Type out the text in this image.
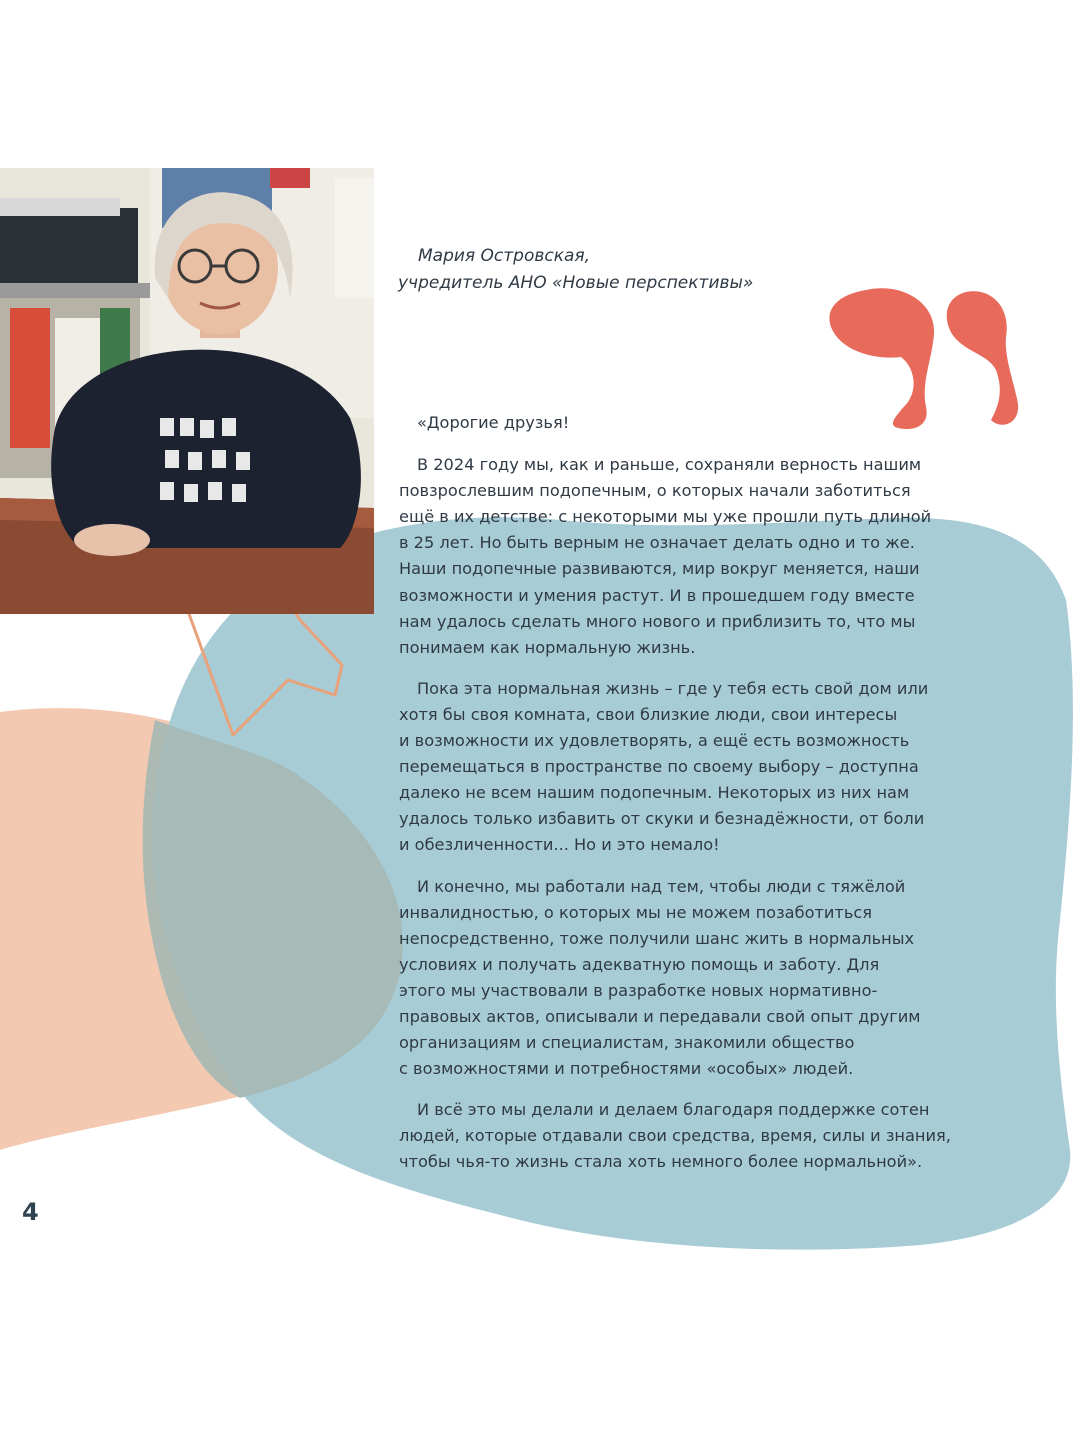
Мария Островская,
учредитель АНО «Новые перспективы»

«Дорогие друзья!

В 2024 году мы, как и раньше, сохраняли верность нашим
повзрослевшим подопечным, о которых начали заботиться
ещё в их детстве: с некоторыми мы уже прошли путь длиной
в 25 лет. Но быть верным не означает делать одно и то же.
Наши подопечные развиваются, мир вокруг меняется, наши
возможности и умения растут. И в прошедшем году вместе
нам удалось сделать много нового и приблизить то, что мы
понимаем как нормальную жизнь.

Пока эта нормальная жизнь – где у тебя есть свой дом или
хотя бы своя комната, свои близкие люди, свои интересы
и возможности их удовлетворять, а ещё есть возможность
перемещаться в пространстве по своему выбору – доступна
далеко не всем нашим подопечным. Некоторых из них нам
удалось только избавить от скуки и безнадёжности, от боли
и обезличенности... Но и это немало!

И конечно, мы работали над тем, чтобы люди с тяжёлой
инвалидностью, о которых мы не можем позаботиться
непосредственно, тоже получили шанс жить в нормальных
условиях и получать адекватную помощь и заботу. Для
этого мы участвовали в разработке новых нормативно-
правовых актов, описывали и передавали свой опыт другим
организациям и специалистам, знакомили общество
с возможностями и потребностями «особых» людей.

И всё это мы делали и делаем благодаря поддержке сотен
людей, которые отдавали свои средства, время, силы и знания,
чтобы чья-то жизнь стала хоть немного более нормальной».

4
